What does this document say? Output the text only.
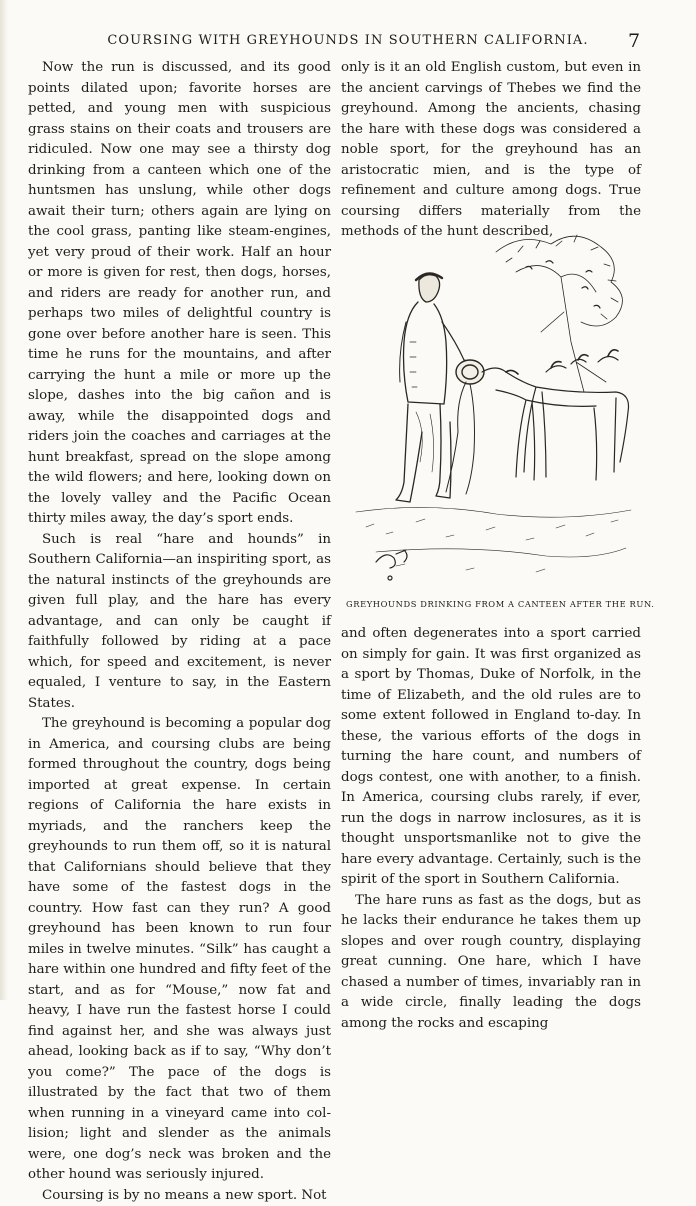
COURSING WITH GREYHOUNDS IN SOUTHERN CALIFORNIA.	7

Now the run is discussed, and its good points dilated upon; favorite horses are petted, and young men with suspicious grass stains on their coats and trousers are ridiculed. Now one may see a thirsty dog drinking from a canteen which one of the huntsmen has unslung, while other dogs await their turn; others again are lying on the cool grass, panting like steam-engines, yet very proud of their work. Half an hour or more is given for rest, then dogs, horses, and riders are ready for another run, and perhaps two miles of delightful country is gone over before another hare is seen. This time he runs for the mountains, and after carrying the hunt a mile or more up the slope, dashes into the big cañon and is away, while the disappointed dogs and riders join the coaches and carriages at the hunt breakfast, spread on the slope among the wild flowers; and here, looking down on the lovely valley and the Pacific Ocean thirty miles away, the day’s sport ends.

Such is real “hare and hounds” in Southern California—an inspiriting sport, as the natural instincts of the greyhounds are given full play, and the hare has every advantage, and can only be caught if faithfully followed by riding at a pace which, for speed and excitement, is never equaled, I venture to say, in the Eastern States.

The greyhound is becoming a popular dog in America, and coursing clubs are being formed throughout the country, dogs being imported at great expense. In certain regions of California the hare exists in myriads, and the ranchers keep the greyhounds to run them off, so it is natural that Californians should believe that they have some of the fastest dogs in the country. How fast can they run? A good greyhound has been known to run four miles in twelve minutes. “Silk” has caught a hare within one hundred and fifty feet of the start, and as for “Mouse,” now fat and heavy, I have run the fastest horse I could find against her, and she was always just ahead, looking back as if to say, “Why don’t you come?” The pace of the dogs is illustrated by the fact that two of them when running in a vineyard came into collision; light and slender as the animals were, one dog’s neck was broken and the other hound was seriously injured.

Coursing is by no means a new sport. Not

only is it an old English custom, but even in the ancient carvings of Thebes we find the greyhound. Among the ancients, chasing the hare with these dogs was considered a noble sport, for the greyhound has an aristocratic mien, and is the type of refinement and culture among dogs. True coursing differs materially from the methods of the hunt described,

GREYHOUNDS DRINKING FROM A CANTEEN AFTER THE RUN.

and often degenerates into a sport carried on simply for gain. It was first organized as a sport by Thomas, Duke of Norfolk, in the time of Elizabeth, and the old rules are to some extent followed in England to-day. In these, the various efforts of the dogs in turning the hare count, and numbers of dogs contest, one with another, to a finish. In America, coursing clubs rarely, if ever, run the dogs in narrow inclosures, as it is thought unsportsmanlike not to give the hare every advantage. Certainly, such is the spirit of the sport in Southern California.

The hare runs as fast as the dogs, but as he lacks their endurance he takes them up slopes and over rough country, displaying great cunning. One hare, which I have chased a number of times, invariably ran in a wide circle, finally leading the dogs among the rocks and escaping
